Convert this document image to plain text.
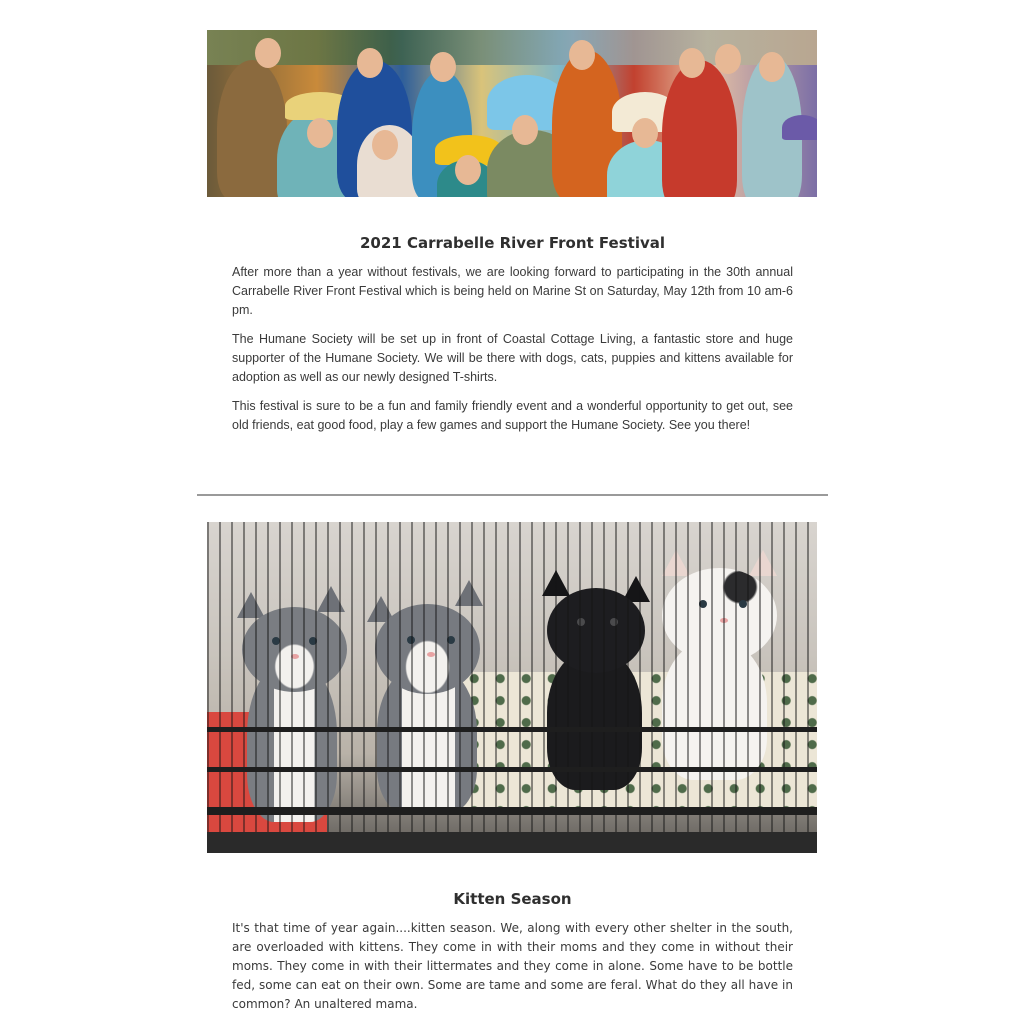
2021 Carrabelle River Front Festival

After more than a year without festivals, we are looking forward to participating in the 30th annual Carrabelle River Front Festival which is being held on Marine St on Saturday, May 12th from 10 am-6 pm.

The Humane Society will be set up in front of Coastal Cottage Living, a fantastic store and huge supporter of the Humane Society. We will be there with dogs, cats, puppies and kittens available for adoption as well as our newly designed T-shirts.

This festival is sure to be a fun and family friendly event and a wonderful opportunity to get out, see old friends, eat good food, play a few games and support the Humane Society. See you there!

Kitten Season

It's that time of year again....kitten season. We, along with every other shelter in the south, are overloaded with kittens. They come in with their moms and they come in without their moms. They come in with their littermates and they come in alone. Some have to be bottle fed, some can eat on their own. Some are tame and some are feral. What do they all have in common? An unaltered mama.
